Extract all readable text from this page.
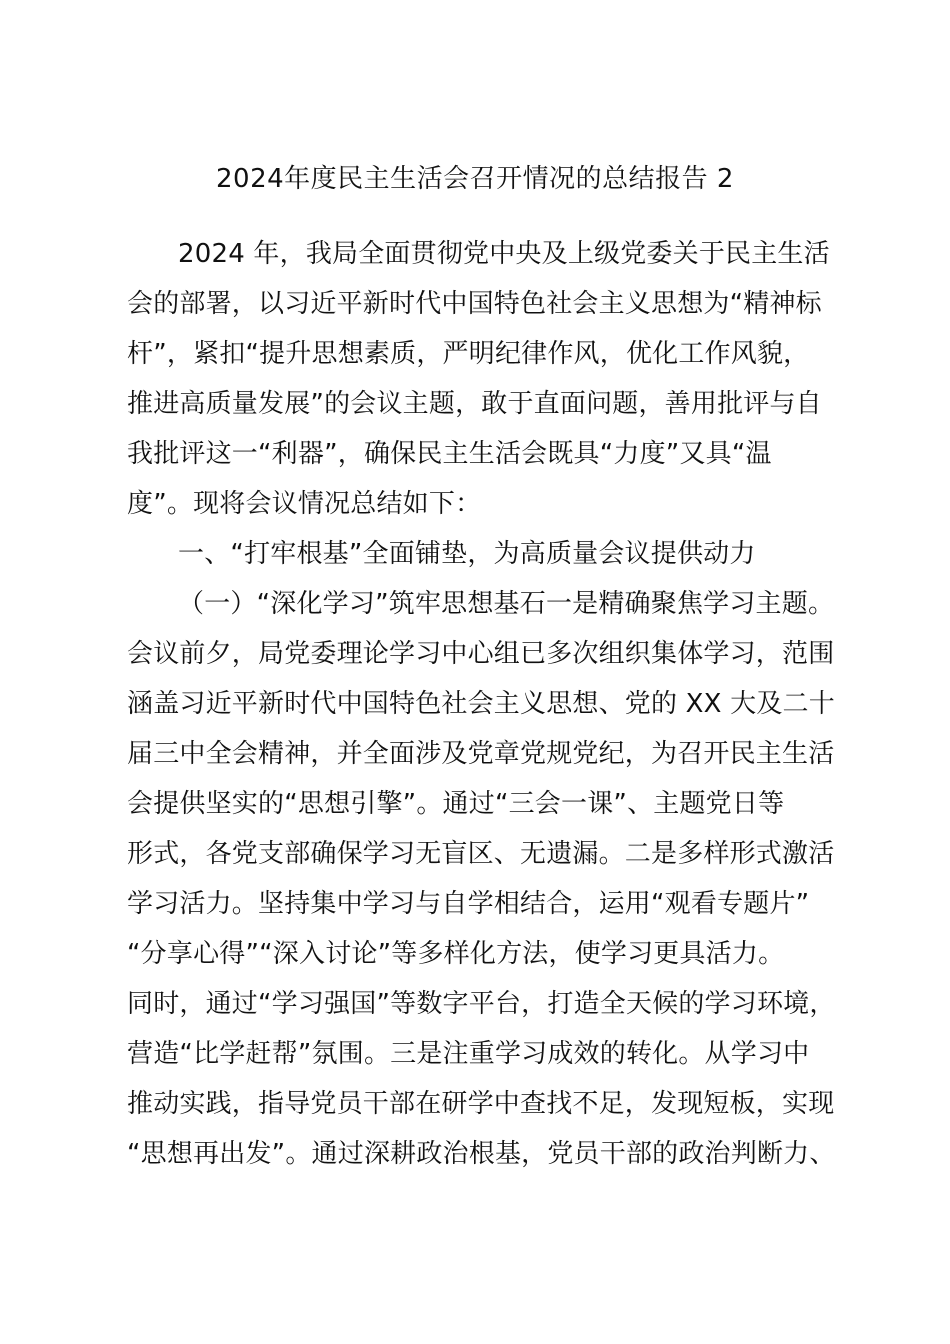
2024年度民主生活会召开情况的总结报告 2
2024 年，我局全面贯彻党中央及上级党委关于民主生活
会的部署，以习近平新时代中国特色社会主义思想为“精神标
杆”，紧扣“提升思想素质，严明纪律作风，优化工作风貌，
推进高质量发展”的会议主题，敢于直面问题，善用批评与自
我批评这一“利器”，确保民主生活会既具“力度”又具“温
度”。现将会议情况总结如下：
一、“打牢根基”全面铺垫，为高质量会议提供动力
（一）“深化学习”筑牢思想基石一是精确聚焦学习主题。
会议前夕，局党委理论学习中心组已多次组织集体学习，范围
涵盖习近平新时代中国特色社会主义思想、党的 XX 大及二十
届三中全会精神，并全面涉及党章党规党纪，为召开民主生活
会提供坚实的“思想引擎”。通过“三会一课”、主题党日等
形式，各党支部确保学习无盲区、无遗漏。二是多样形式激活
学习活力。坚持集中学习与自学相结合，运用“观看专题片”
“分享心得”“深入讨论”等多样化方法，使学习更具活力。
同时，通过“学习强国”等数字平台，打造全天候的学习环境，
营造“比学赶帮”氛围。三是注重学习成效的转化。从学习中
推动实践，指导党员干部在研学中查找不足，发现短板，实现
“思想再出发”。通过深耕政治根基，党员干部的政治判断力、
